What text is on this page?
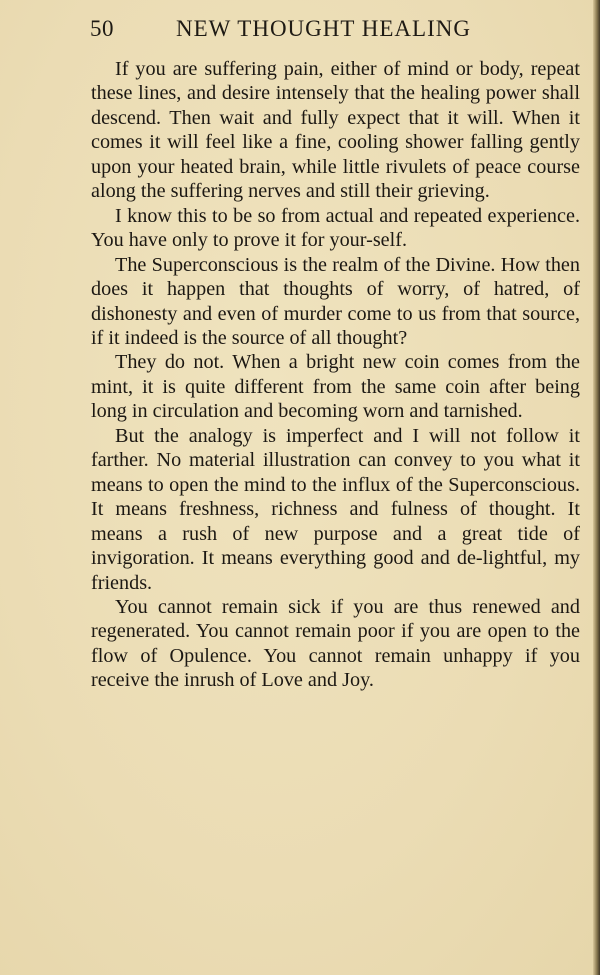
50	NEW THOUGHT HEALING

If you are suffering pain, either of mind or body, repeat these lines, and desire intensely that the healing power shall descend. Then wait and fully expect that it will. When it comes it will feel like a fine, cooling shower falling gently upon your heated brain, while little rivulets of peace course along the suffering nerves and still their grieving.

I know this to be so from actual and repeated experience. You have only to prove it for your-self.

The Superconscious is the realm of the Divine. How then does it happen that thoughts of worry, of hatred, of dishonesty and even of murder come to us from that source, if it indeed is the source of all thought?

They do not. When a bright new coin comes from the mint, it is quite different from the same coin after being long in circulation and becoming worn and tarnished.

But the analogy is imperfect and I will not follow it farther. No material illustration can convey to you what it means to open the mind to the influx of the Superconscious. It means freshness, richness and fulness of thought. It means a rush of new purpose and a great tide of invigoration. It means everything good and de-lightful, my friends.

You cannot remain sick if you are thus renewed and regenerated. You cannot remain poor if you are open to the flow of Opulence. You cannot remain unhappy if you receive the inrush of Love and Joy.
